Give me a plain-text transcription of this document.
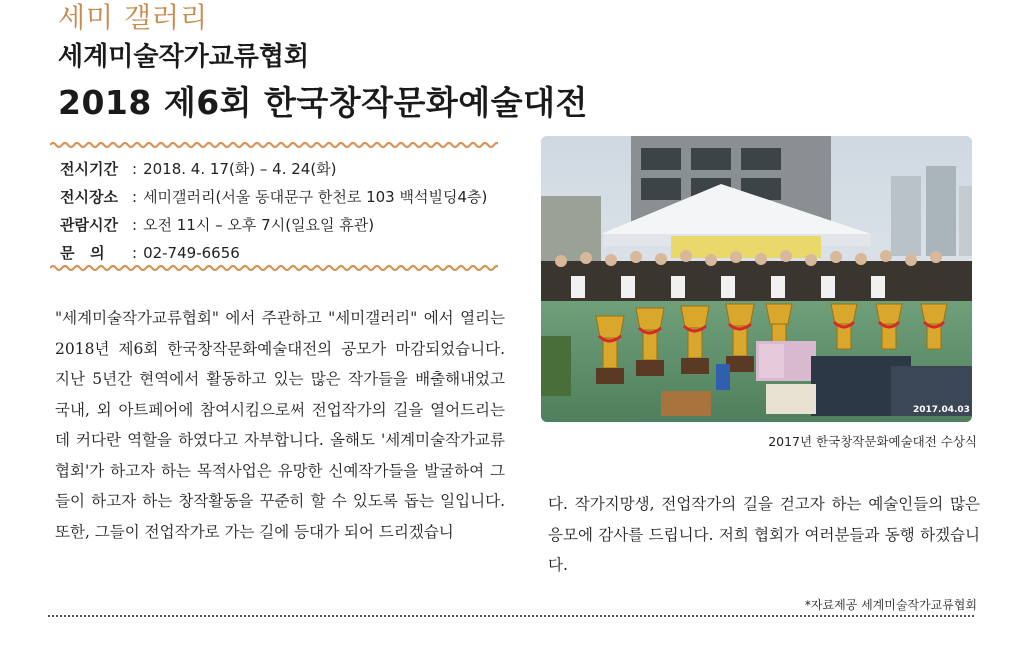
세미 갤러리
세계미술작가교류협회
2018 제6회 한국창작문화예술대전
전시기간 : 2018. 4. 17(화) – 4. 24(화)
전시장소 : 세미갤러리(서울 동대문구 한천로 103 백석빌딩4층)
관람시간 : 오전 11시 – 오후 7시(일요일 휴관)
문   의 : 02-749-6656
"세계미술작가교류협회" 에서 주관하고 "세미갤러리" 에서 열리는 2018년 제6회 한국창작문화예술대전의 공모가 마감되었습니다. 지난 5년간 현역에서 활동하고 있는 많은 작가들을 배출해내었고 국내, 외 아트페어에 참여시킴으로써 전업작가의 길을 열어드리는데 커다란 역할을 하였다고 자부합니다. 올해도 '세계미술작가교류협회'가 하고자 하는 목적사업은 유망한 신예작가들을 발굴하여 그들이 하고자 하는 창작활동을 꾸준히 할 수 있도록 돕는 일입니다. 또한, 그들이 전업작가로 가는 길에 등대가 되어 드리겠습니
2017.04.03
2017년 한국창작문화예술대전 수상식
다. 작가지망생, 전업작가의 길을 걷고자 하는 예술인들의 많은 응모에 감사를 드립니다. 저희 협회가 여러분들과 동행 하겠습니다.
*자료제공 세계미술작가교류협회
